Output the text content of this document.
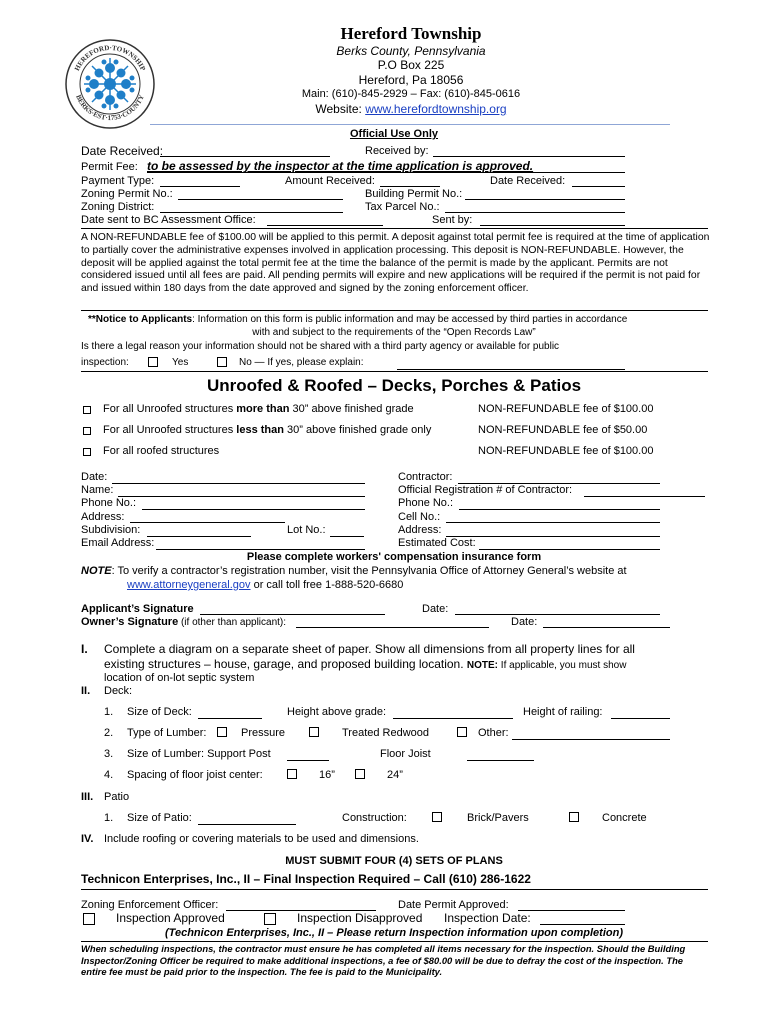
HEREFORD·TOWNSHIP
BERKS·EST·1753·COUNTY
Hereford Township
Berks County, Pennsylvania
P.O Box 225
Hereford, Pa 18056
Main: (610)-845-2929 – Fax: (610)-845-0616
Website: www.herefordtownship.org
Official Use Only
Date Received:	Received by:
Permit Fee: to be assessed by the inspector at the time application is approved.
Payment Type:	Amount Received:	Date Received:
Zoning Permit No.:	Building Permit No.:
Zoning District:	Tax Parcel No.:
Date sent to BC Assessment Office:	Sent by:
A NON-REFUNDABLE fee of $100.00 will be applied to this permit. A deposit against total permit fee is required at the time of application to partially cover the administrative expenses involved in application processing. This deposit is NON-REFUNDABLE. However, the deposit will be applied against the total permit fee at the time the balance of the permit is made by the applicant. Permits are not considered issued until all fees are paid. All pending permits will expire and new applications will be required if the permit is not paid for and issued within 180 days from the date approved and signed by the zoning enforcement officer.
**Notice to Applicants: Information on this form is public information and may be accessed by third parties in accordance
with and subject to the requirements of the “Open Records Law”
Is there a legal reason your information should not be shared with a third party agency or available for public
inspection:	Yes	No — If yes, please explain:
Unroofed & Roofed – Decks, Porches & Patios
For all Unroofed structures more than 30” above finished grade	NON-REFUNDABLE fee of $100.00
For all Unroofed structures less than 30” above finished grade only	NON-REFUNDABLE fee of $50.00
For all roofed structures	NON-REFUNDABLE fee of $100.00
Date:
Name:
Phone No.:
Address:
Subdivision:	Lot No.:
Email Address:
Contractor:
Official Registration # of Contractor:
Phone No.:
Cell No.:
Address:
Estimated Cost:
Please complete workers' compensation insurance form
NOTE: To verify a contractor’s registration number, visit the Pennsylvania Office of Attorney General’s website at
www.attorneygeneral.gov or call toll free 1-888-520-6680
Applicant’s Signature	Date:
Owner’s Signature (if other than applicant):	Date:
I. Complete a diagram on a separate sheet of paper. Show all dimensions from all property lines for all
existing structures – house, garage, and proposed building location. NOTE: If applicable, you must show
location of on-lot septic system
II. Deck:
1. Size of Deck:	Height above grade:	Height of railing:
2. Type of Lumber:	Pressure	Treated Redwood	Other:
3. Size of Lumber: Support Post	Floor Joist
4. Spacing of floor joist center:	16”	24”
III. Patio
1. Size of Patio:	Construction:	Brick/Pavers	Concrete
IV. Include roofing or covering materials to be used and dimensions.
MUST SUBMIT FOUR (4) SETS OF PLANS
Technicon Enterprises, Inc., II – Final Inspection Required – Call (610) 286-1622
Zoning Enforcement Officer:	Date Permit Approved:
Inspection Approved	Inspection Disapproved Inspection Date:
(Technicon Enterprises, Inc., II – Please return Inspection information upon completion)
When scheduling inspections, the contractor must ensure he has completed all items necessary for the inspection. Should the Building Inspector/Zoning Officer be required to make additional inspections, a fee of $80.00 will be due to defray the cost of the inspection. The entire fee must be paid prior to the inspection. The fee is paid to the Municipality.
